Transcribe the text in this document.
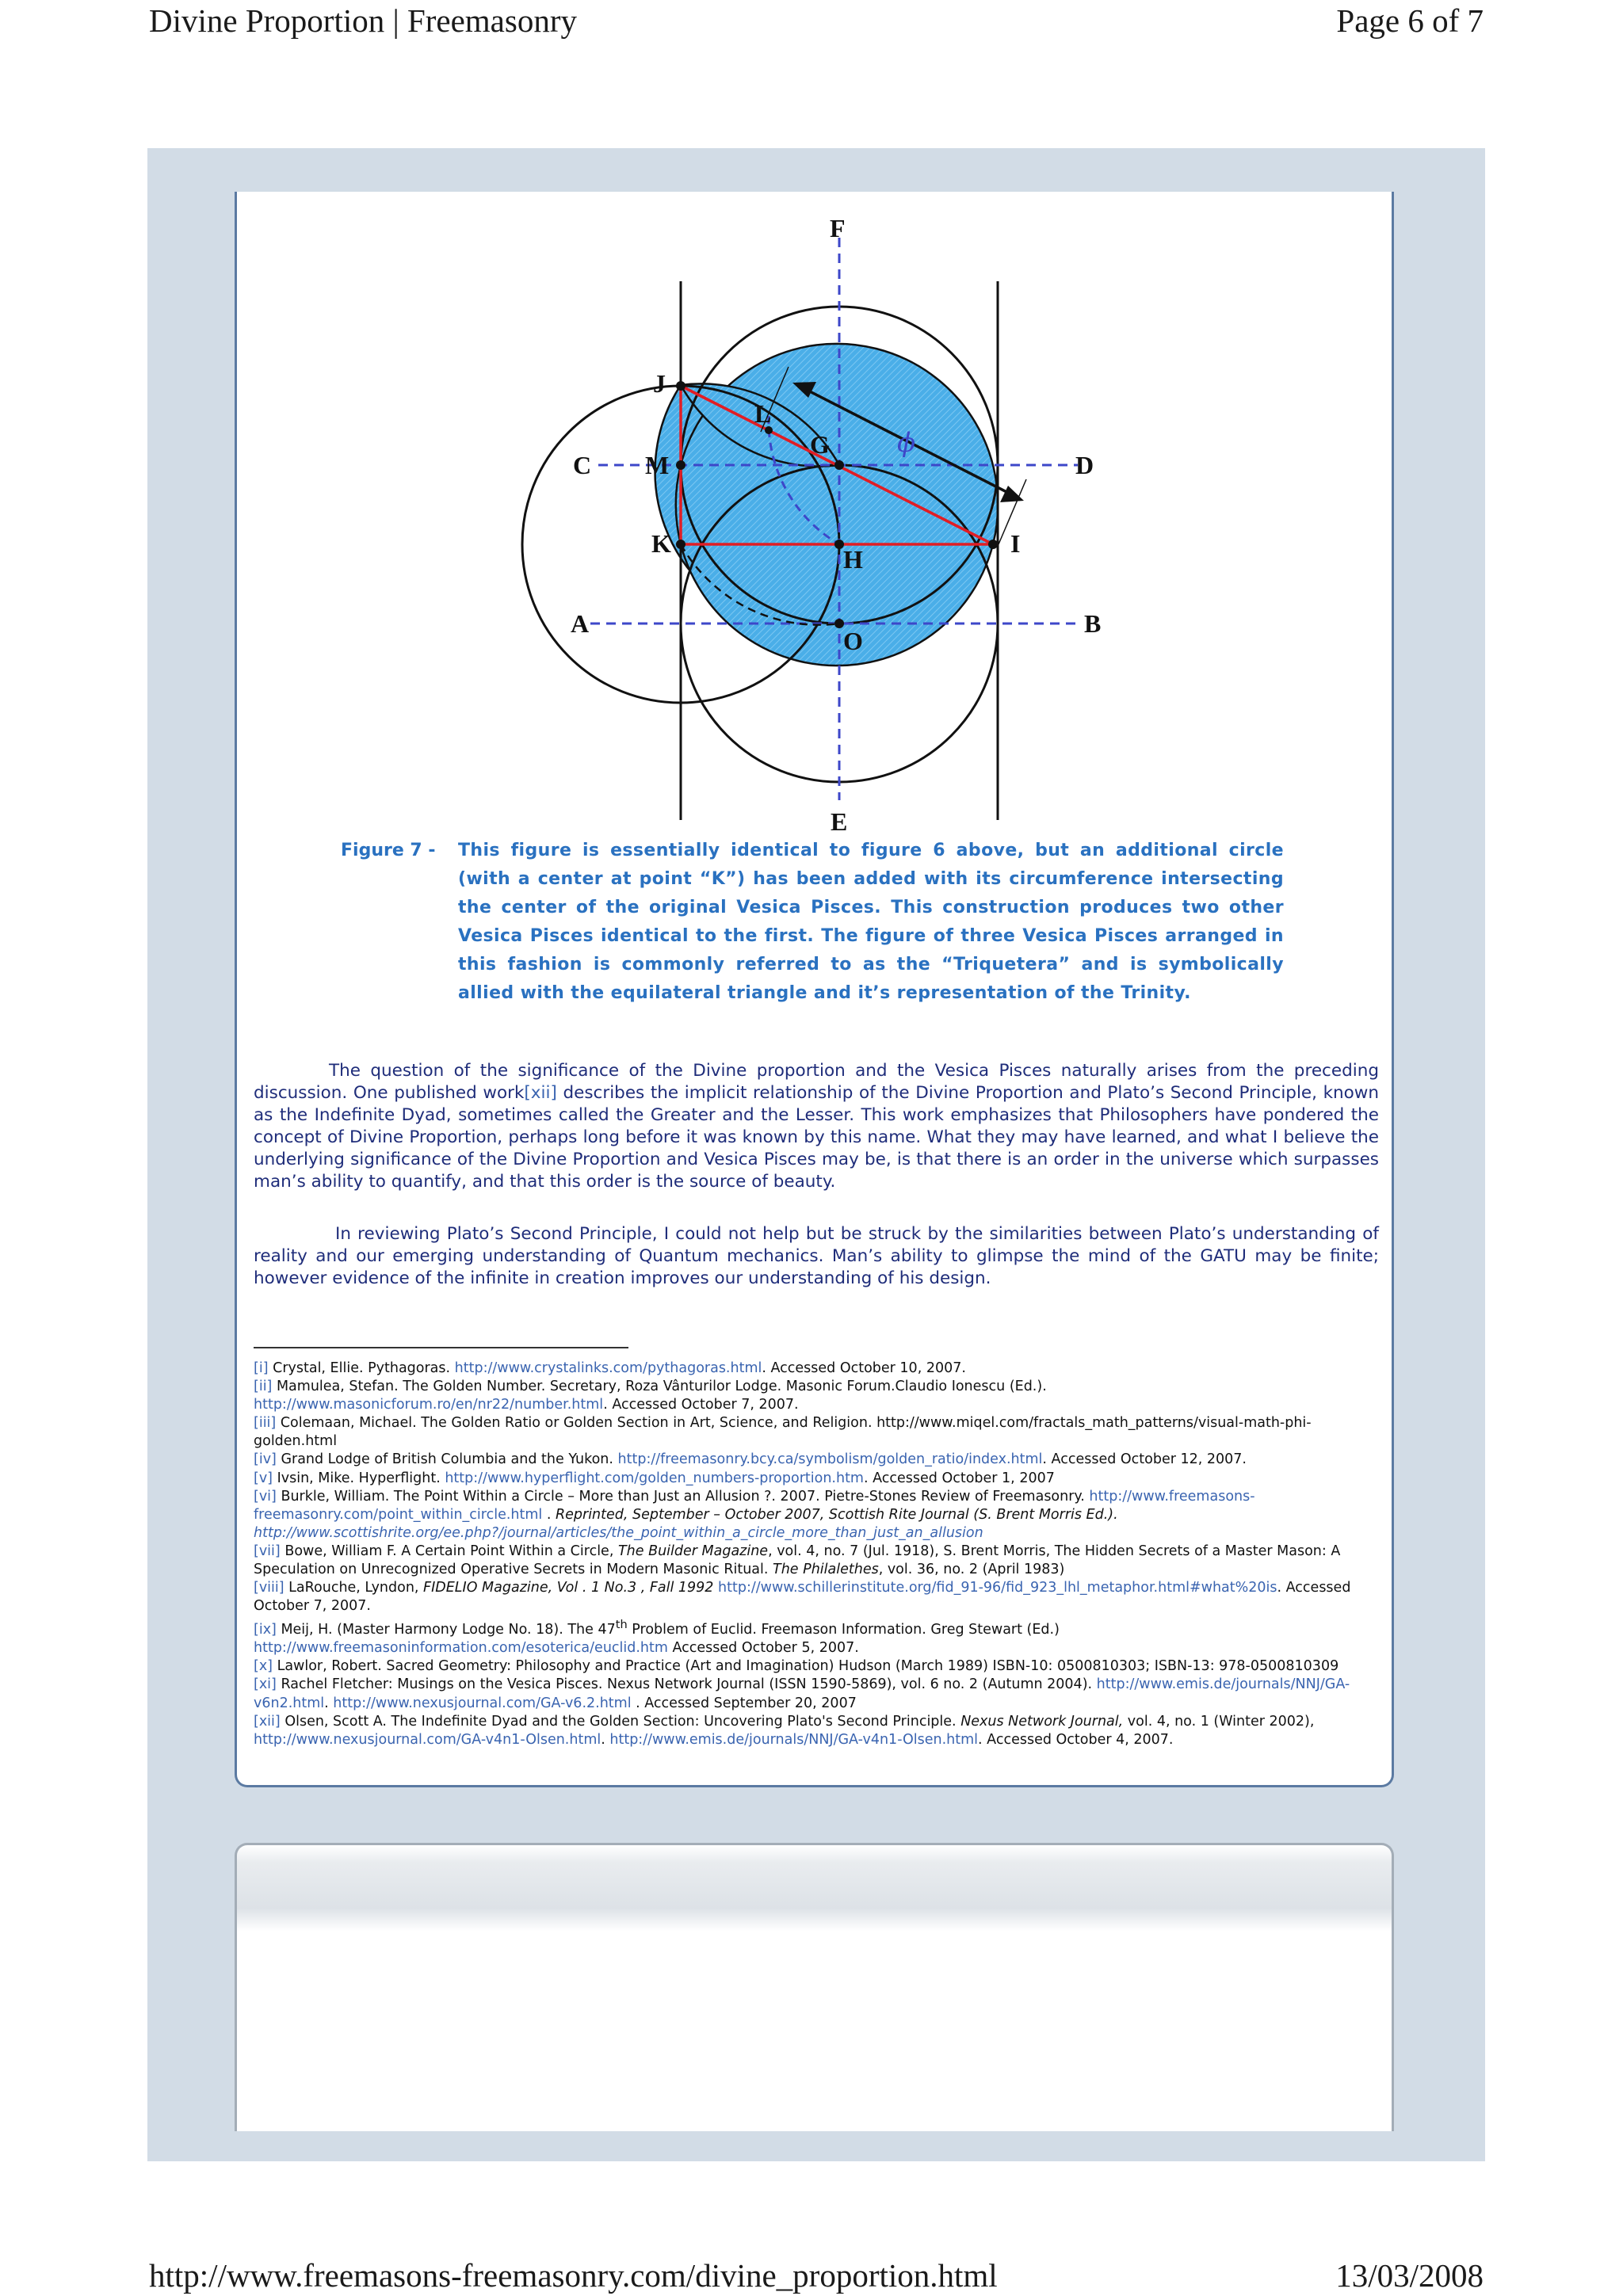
Divine Proportion | Freemasonry	Page 6 of 7
F
E
J
L
G
C M	D
K
H
I
A	B
O
ϕ
Figure 7 -	This figure is essentially identical to figure 6 above, but an additional circle (with a center at point “K”) has been added with its circumference intersecting the center of the original Vesica Pisces. This construction produces two other Vesica Pisces identical to the first. The figure of three Vesica Pisces arranged in this fashion is commonly referred to as the “Triquetera” and is symbolically allied with the equilateral triangle and it’s representation of the Trinity.
The question of the significance of the Divine proportion and the Vesica Pisces naturally arises from the preceding discussion. One published work[xii] describes the implicit relationship of the Divine Proportion and Plato’s Second Principle, known as the Indefinite Dyad, sometimes called the Greater and the Lesser. This work emphasizes that Philosophers have pondered the concept of Divine Proportion, perhaps long before it was known by this name. What they may have learned, and what I believe the underlying significance of the Divine Proportion and Vesica Pisces may be, is that there is an order in the universe which surpasses man’s ability to quantify, and that this order is the source of beauty.
In reviewing Plato’s Second Principle, I could not help but be struck by the similarities between Plato’s understanding of reality and our emerging understanding of Quantum mechanics. Man’s ability to glimpse the mind of the GATU may be finite; however evidence of the infinite in creation improves our understanding of his design.

[i] Crystal, Ellie. Pythagoras. http://www.crystalinks.com/pythagoras.html. Accessed October 10, 2007.

[ii] Mamulea, Stefan. The Golden Number. Secretary, Roza Vânturilor Lodge. Masonic Forum.Claudio Ionescu (Ed.). http://www.masonicforum.ro/en/nr22/number.html. Accessed October 7, 2007.

[iii] Colemaan, Michael. The Golden Ratio or Golden Section in Art, Science, and Religion. http://www.miqel.com/fractals_math_patterns/visual-math-phi-golden.html

[iv] Grand Lodge of British Columbia and the Yukon. http://freemasonry.bcy.ca/symbolism/golden_ratio/index.html. Accessed October 12, 2007.

[v] Ivsin, Mike. Hyperflight. http://www.hyperflight.com/golden_numbers-proportion.htm. Accessed October 1, 2007

[vi] Burkle, William. The Point Within a Circle – More than Just an Allusion ?. 2007. Pietre-Stones Review of Freemasonry. http://www.freemasons-freemasonry.com/point_within_circle.html . Reprinted, September – October 2007, Scottish Rite Journal (S. Brent Morris Ed.). http://www.scottishrite.org/ee.php?/journal/articles/the_point_within_a_circle_more_than_just_an_allusion

[vii] Bowe, William F. A Certain Point Within a Circle, The Builder Magazine, vol. 4, no. 7 (Jul. 1918), S. Brent Morris, The Hidden Secrets of a Master Mason: A Speculation on Unrecognized Operative Secrets in Modern Masonic Ritual. The Philalethes, vol. 36, no. 2 (April 1983)

[viii] LaRouche, Lyndon, FIDELIO Magazine, Vol . 1 No.3 , Fall 1992 http://www.schillerinstitute.org/fid_91-96/fid_923_lhl_metaphor.html#what%20is. Accessed October 7, 2007.

[ix] Meij, H. (Master Harmony Lodge No. 18). The 47th Problem of Euclid. Freemason Information. Greg Stewart (Ed.) http://www.freemasoninformation.com/esoterica/euclid.htm Accessed October 5, 2007.

[x] Lawlor, Robert. Sacred Geometry: Philosophy and Practice (Art and Imagination) Hudson (March 1989) ISBN-10: 0500810303; ISBN-13: 978-0500810309

[xi] Rachel Fletcher: Musings on the Vesica Pisces. Nexus Network Journal (ISSN 1590-5869), vol. 6 no. 2 (Autumn 2004). http://www.emis.de/journals/NNJ/GA-v6n2.html. http://www.nexusjournal.com/GA-v6.2.html . Accessed September 20, 2007

[xii] Olsen, Scott A. The Indefinite Dyad and the Golden Section: Uncovering Plato's Second Principle. Nexus Network Journal, vol. 4, no. 1 (Winter 2002), http://www.nexusjournal.com/GA-v4n1-Olsen.html. http://www.emis.de/journals/NNJ/GA-v4n1-Olsen.html. Accessed October 4, 2007.

http://www.freemasons-freemasonry.com/divine_proportion.html	13/03/2008
